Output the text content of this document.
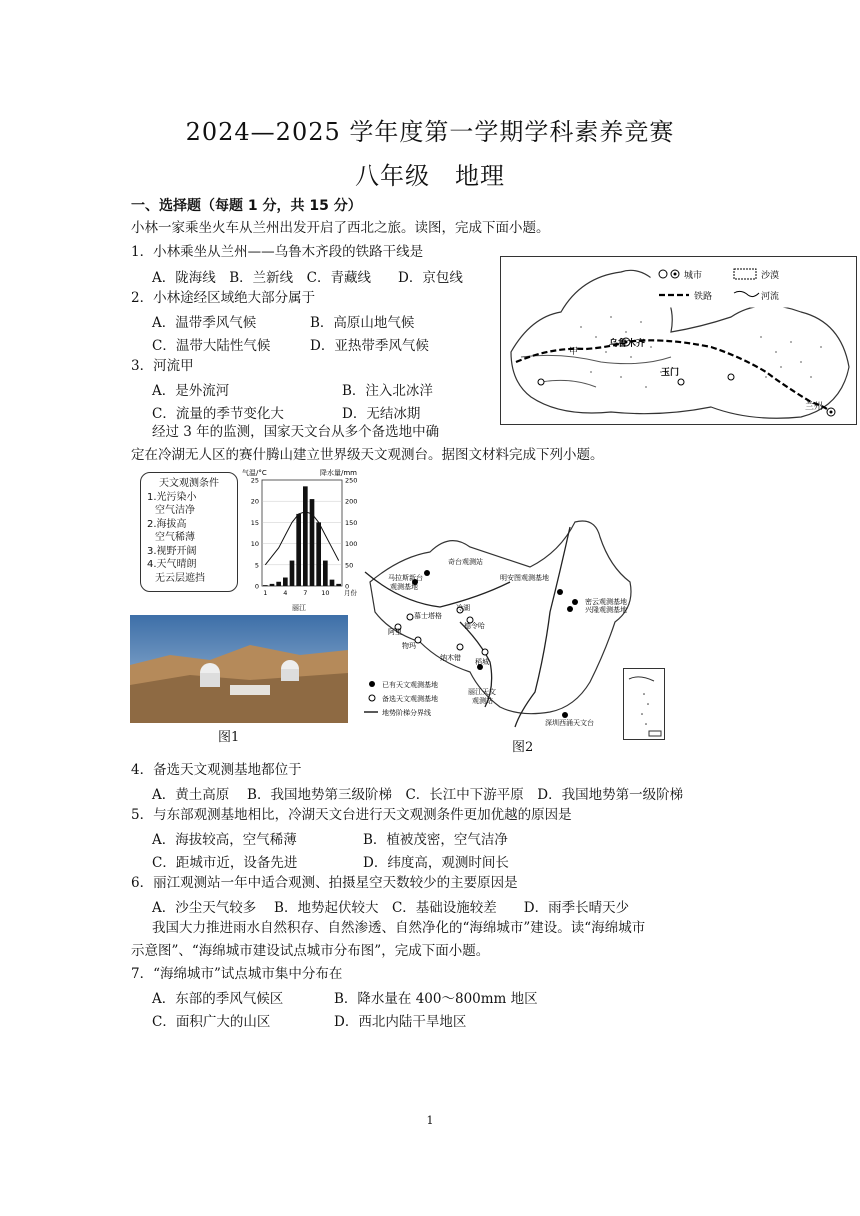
2024—2025 学年度第一学期学科素养竞赛
八年级　地理
一、选择题（每题 1 分，共 15 分）
小林一家乘坐火车从兰州出发开启了西北之旅。读图，完成下面小题。
1．小林乘坐从兰州——乌鲁木齐段的铁路干线是
A．陇海线　B．兰新线　C．青藏线　　D．京包线
2．小林途经区域绝大部分属于
A．温带季风气候	B．高原山地气候
C．温带大陆性气候	D．亚热带季风气候
3．河流甲
A．是外流河	B．注入北冰洋
C．流量的季节变化大	D．无结冰期
城市	沙漠
铁路	河流
甲
乌鲁木齐
玉门
兰州
经过 3 年的监测，国家天文台从多个备选地中确
定在冷湖无人区的赛什腾山建立世界级天文观测台。据图文材料完成下列小题。
天文观测条件
1.光污染小
空气洁净
2.海拔高
空气稀薄
3.视野开阔
4.天气晴朗
无云层遮挡
气温/°C	降水量/mm
0
5
10
15
20
25
0
50
100
150
200
250
1 4 7 10 月份
丽江
图1
已有天文观测基地
备选天文观测基地
地势阶梯分界线
奇台观测站
马拉斯新台
观测基地
明安图观测基地
密云观测基地
兴隆观测基地
慕士塔格
阿里
物玛
纳木错
冷湖
德令哈
稻城
丽江天文
观测站
深圳西涌天文台
图2
4．备选天文观测基地都位于
A．黄土高原　 B．我国地势第三级阶梯　C．长江中下游平原　D．我国地势第一级阶梯
5．与东部观测基地相比，冷湖天文台进行天文观测条件更加优越的原因是
A．海拔较高，空气稀薄	B．植被茂密，空气洁净
C．距城市近，设备先进	D．纬度高，观测时间长
6．丽江观测站一年中适合观测、拍摄星空天数较少的主要原因是
A．沙尘天气较多　 B．地势起伏较大　C．基础设施较差　　D．雨季长晴天少
我国大力推进雨水自然积存、自然渗透、自然净化的“海绵城市”建设。读“海绵城市
示意图”、“海绵城市建设试点城市分布图”，完成下面小题。
7．“海绵城市”试点城市集中分布在
A．东部的季风气候区	B．降水量在 400～800mm 地区
C．面积广大的山区	D．西北内陆干旱地区
1
